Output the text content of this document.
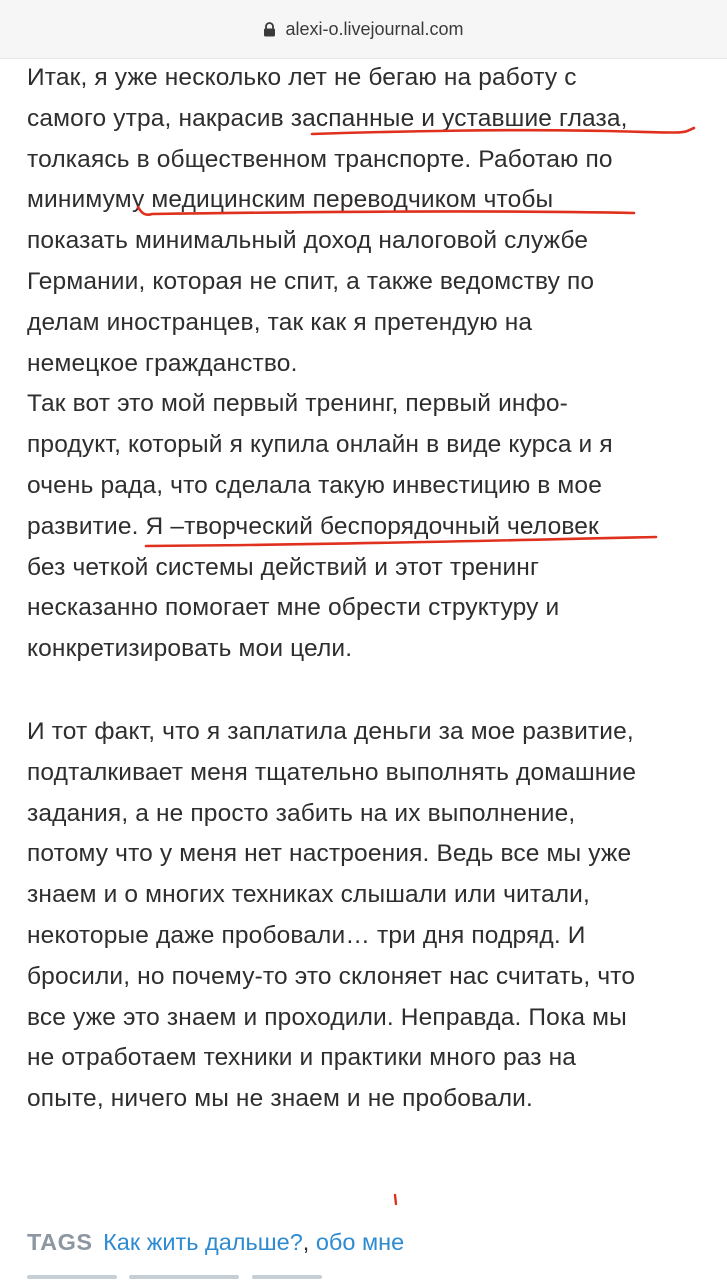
alexi-o.livejournal.com
Итак, я уже несколько лет не бегаю на работу с
самого утра, накрасив заспанные и уставшие глаза,
толкаясь в общественном транспорте. Работаю по
минимуму медицинским переводчиком чтобы
показать минимальный доход налоговой службе
Германии, которая не спит, а также ведомству по
делам иностранцев, так как я претендую на
немецкое гражданство.
Так вот это мой первый тренинг, первый инфо-
продукт, который я купила онлайн в виде курса и я
очень рада, что сделала такую инвестицию в мое
развитие. Я –творческий беспорядочный человек
без четкой системы действий и этот тренинг
несказанно помогает мне обрести структуру и
конкретизировать мои цели.
И тот факт, что я заплатила деньги за мое развитие,
подталкивает меня тщательно выполнять домашние
задания, а не просто забить на их выполнение,
потому что у меня нет настроения. Ведь все мы уже
знаем и о многих техниках слышали или читали,
некоторые даже пробовали… три дня подряд. И
бросили, но почему-то это склоняет нас считать, что
все уже это знаем и проходили. Неправда. Пока мы
не отработаем техники и практики много раз на
опыте, ничего мы не знаем и не пробовали.
TAGS Как жить дальше?, обо мне
